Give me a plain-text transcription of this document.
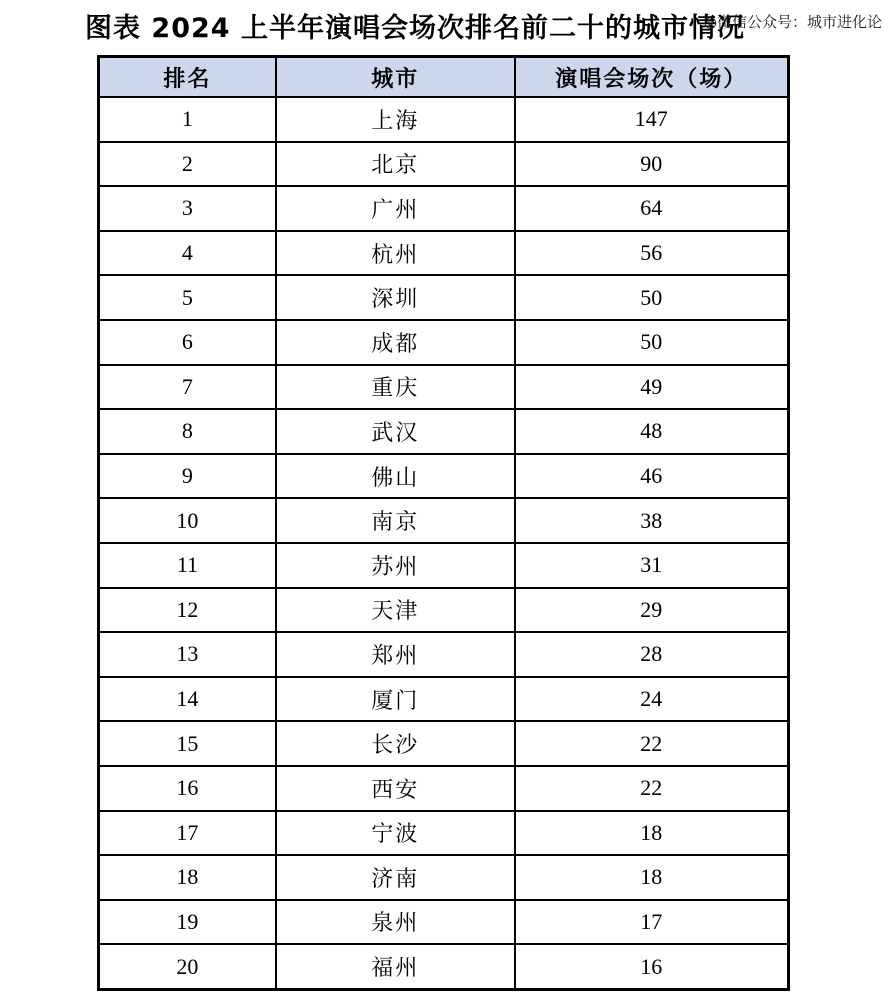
图表 2024 上半年演唱会场次排名前二十的城市情况
◎微信公众号：城市进化论
排名	城市	演唱会场次（场）
1	上海	147
2	北京	90
3	广州	64
4	杭州	56
5	深圳	50
6	成都	50
7	重庆	49
8	武汉	48
9	佛山	46
10	南京	38
11	苏州	31
12	天津	29
13	郑州	28
14	厦门	24
15	长沙	22
16	西安	22
17	宁波	18
18	济南	18
19	泉州	17
20	福州	16
